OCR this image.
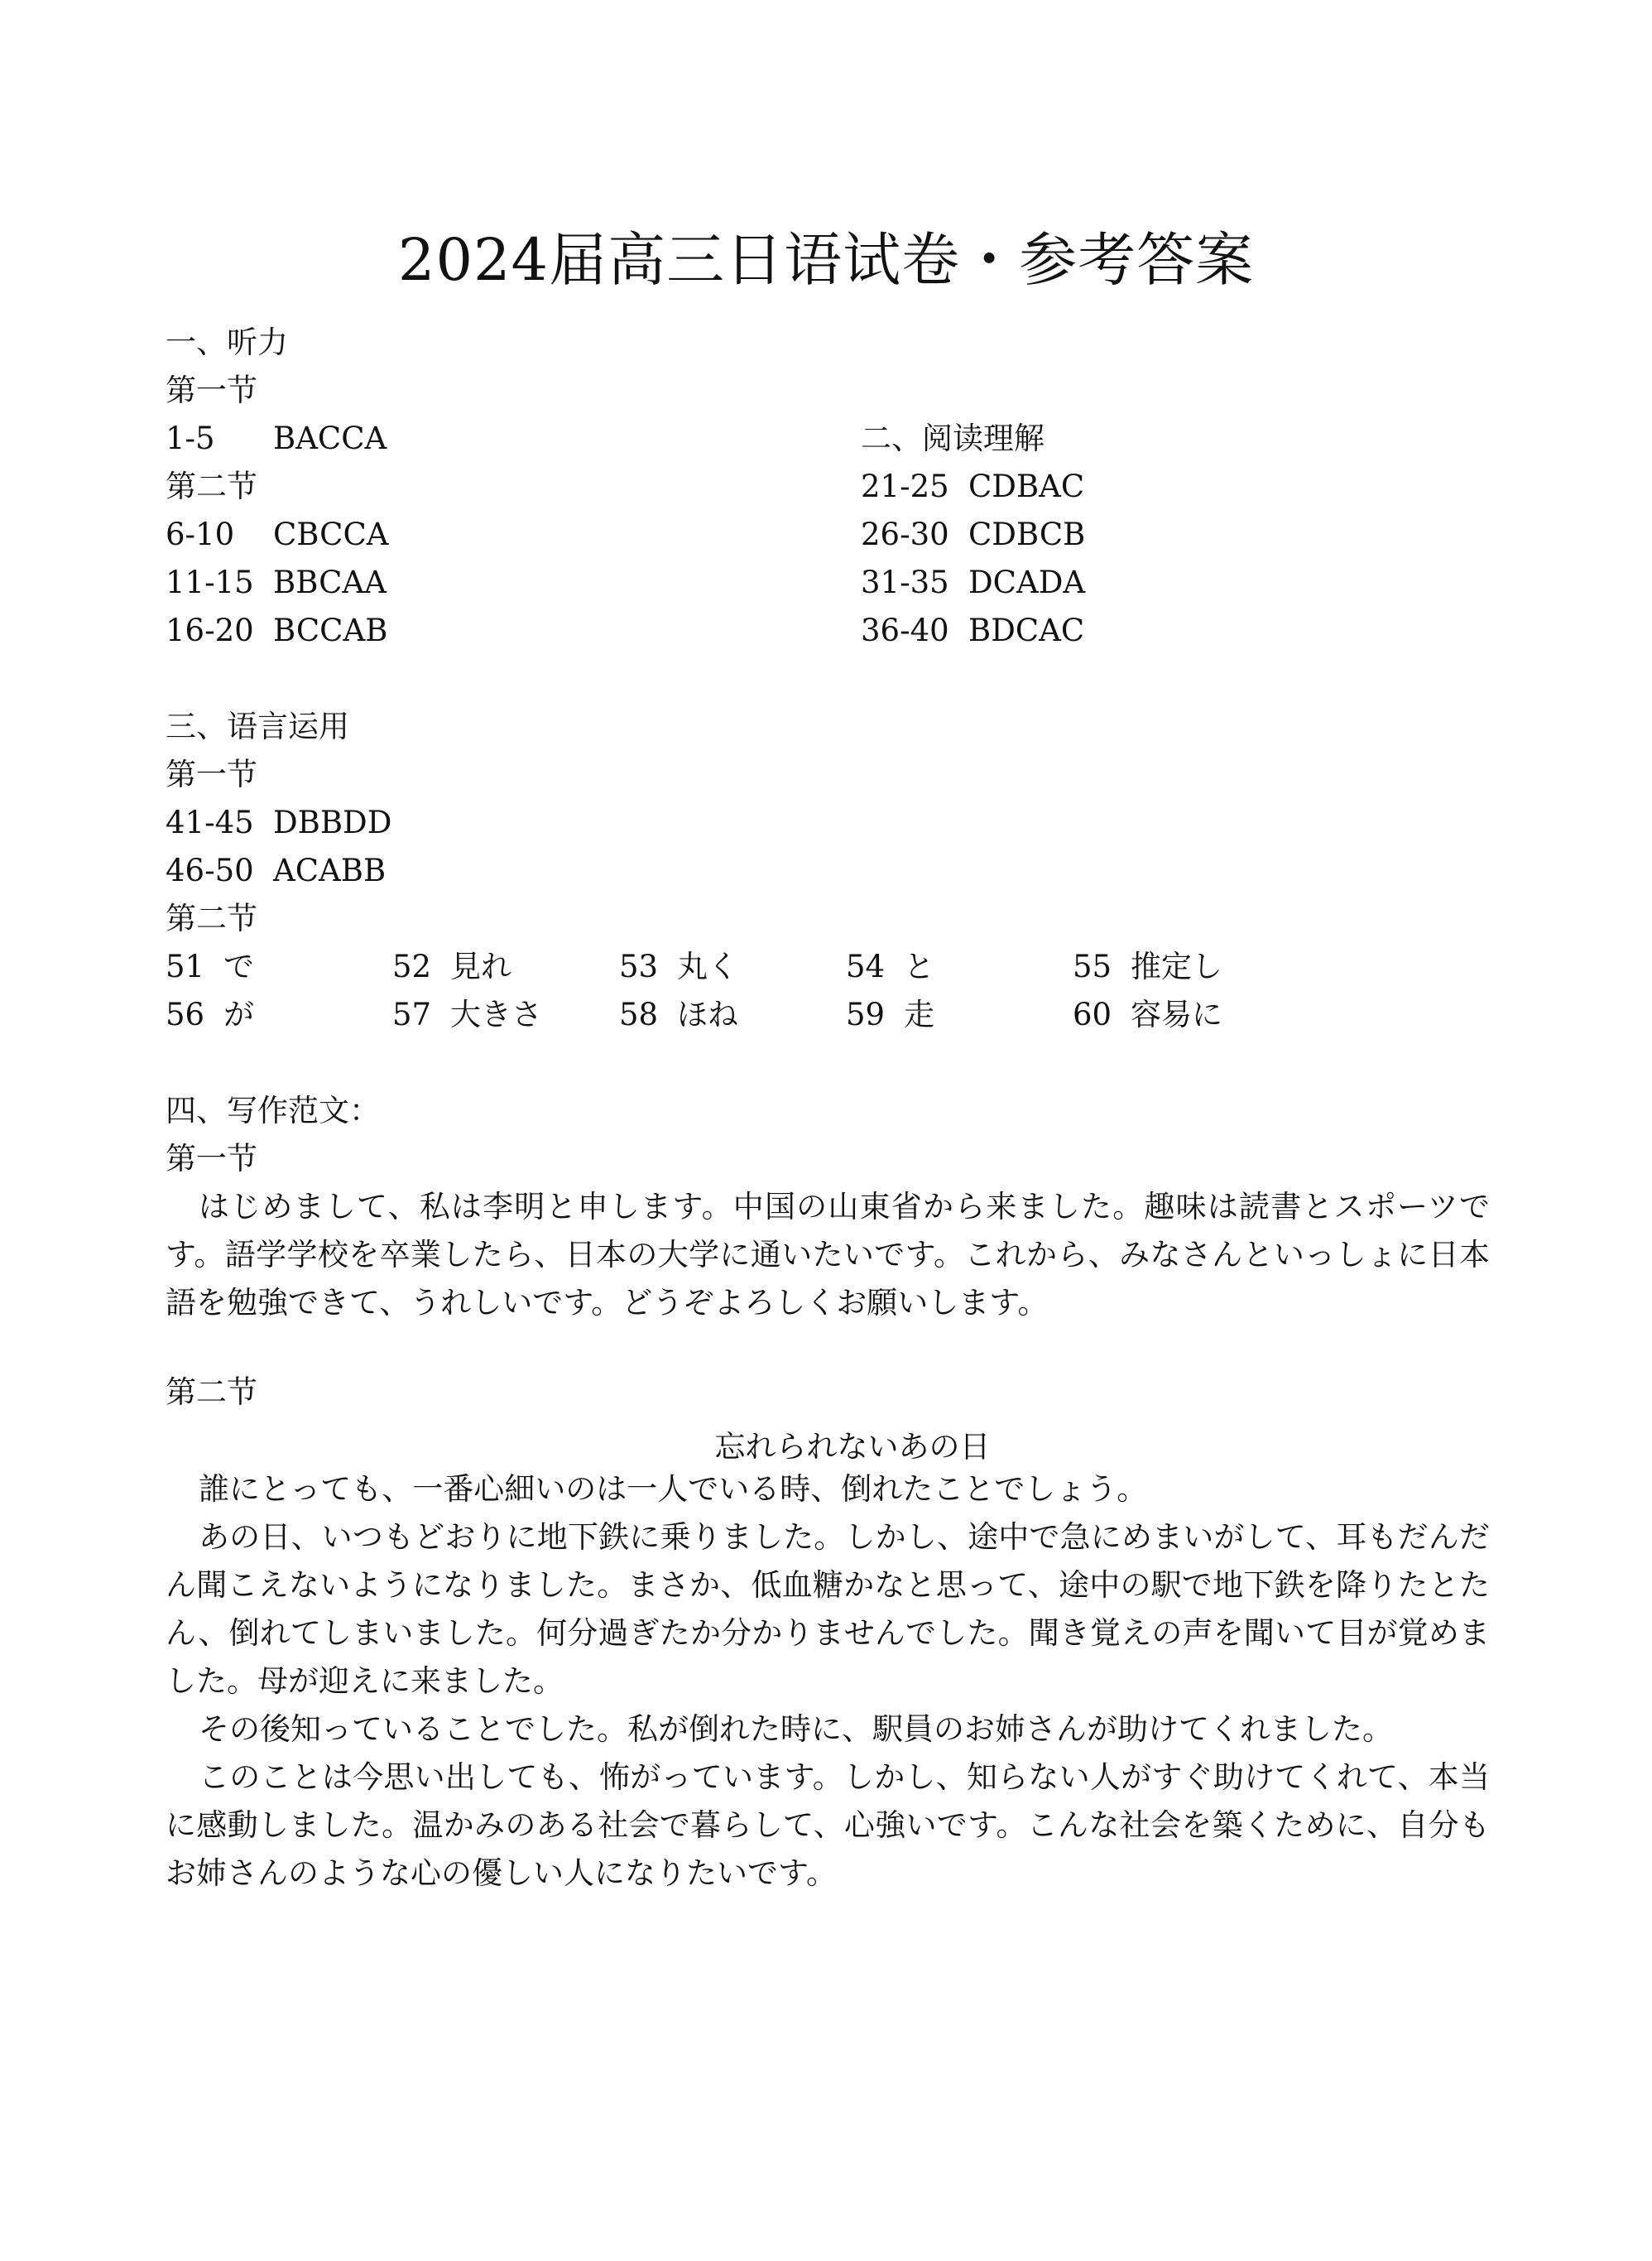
2024届高三日语试卷・参考答案
一、听力
第一节
1-5 BACCA
第二节
6-10 CBCCA
11-15 BBCAA
16-20 BCCAB
二、阅读理解
21-25 CDBAC
26-30 CDBCB
31-35 DCADA
36-40 BDCAC
三、语言运用
第一节
41-45 DBBDD
46-50 ACABB
第二节
51 で	52 見れ	53 丸く	54 と	55 推定し
56 が	57 大きさ	58 ほね	59 走	60 容易に
四、写作范文：
第一节
はじめまして、私は李明と申します。中国の山東省から来ました。趣味は読書とスポーツです。語学学校を卒業したら、日本の大学に通いたいです。これから、みなさんといっしょに日本語を勉強できて、うれしいです。どうぞよろしくお願いします。
第二节
忘れられないあの日
誰にとっても、一番心細いのは一人でいる時、倒れたことでしょう。
あの日、いつもどおりに地下鉄に乗りました。しかし、途中で急にめまいがして、耳もだんだん聞こえないようになりました。まさか、低血糖かなと思って、途中の駅で地下鉄を降りたとたん、倒れてしまいました。何分過ぎたか分かりませんでした。聞き覚えの声を聞いて目が覚めました。母が迎えに来ました。
その後知っていることでした。私が倒れた時に、駅員のお姉さんが助けてくれました。
このことは今思い出しても、怖がっています。しかし、知らない人がすぐ助けてくれて、本当に感動しました。温かみのある社会で暮らして、心強いです。こんな社会を築くために、自分もお姉さんのような心の優しい人になりたいです。
